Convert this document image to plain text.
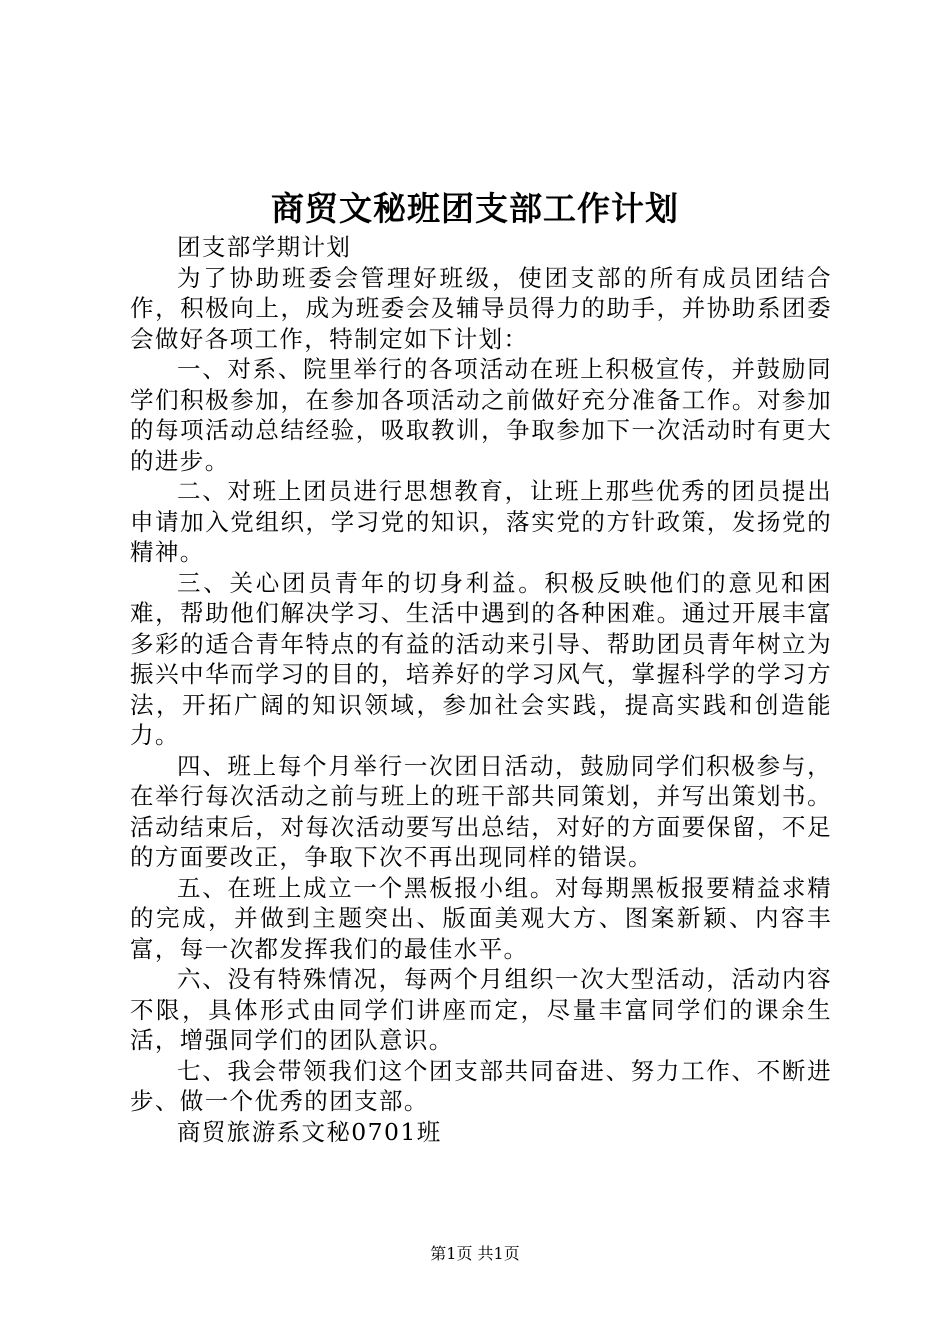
商贸文秘班团支部工作计划

团支部学期计划

为了协助班委会管理好班级，使团支部的所有成员团结合作，积极向上，成为班委会及辅导员得力的助手，并协助系团委会做好各项工作，特制定如下计划：

一、对系、院里举行的各项活动在班上积极宣传，并鼓励同学们积极参加，在参加各项活动之前做好充分准备工作。对参加的每项活动总结经验，吸取教训，争取参加下一次活动时有更大的进步。

二、对班上团员进行思想教育，让班上那些优秀的团员提出申请加入党组织，学习党的知识，落实党的方针政策，发扬党的精神。

三、关心团员青年的切身利益。积极反映他们的意见和困难，帮助他们解决学习、生活中遇到的各种困难。通过开展丰富多彩的适合青年特点的有益的活动来引导、帮助团员青年树立为振兴中华而学习的目的，培养好的学习风气，掌握科学的学习方法，开拓广阔的知识领域，参加社会实践，提高实践和创造能力。

四、班上每个月举行一次团日活动，鼓励同学们积极参与，在举行每次活动之前与班上的班干部共同策划，并写出策划书。活动结束后，对每次活动要写出总结，对好的方面要保留，不足的方面要改正，争取下次不再出现同样的错误。

五、在班上成立一个黑板报小组。对每期黑板报要精益求精的完成，并做到主题突出、版面美观大方、图案新颖、内容丰富，每一次都发挥我们的最佳水平。

六、没有特殊情况，每两个月组织一次大型活动，活动内容不限，具体形式由同学们讲座而定，尽量丰富同学们的课余生活，增强同学们的团队意识。

七、我会带领我们这个团支部共同奋进、努力工作、不断进步、做一个优秀的团支部。

商贸旅游系文秘0701班

第1页 共1页
